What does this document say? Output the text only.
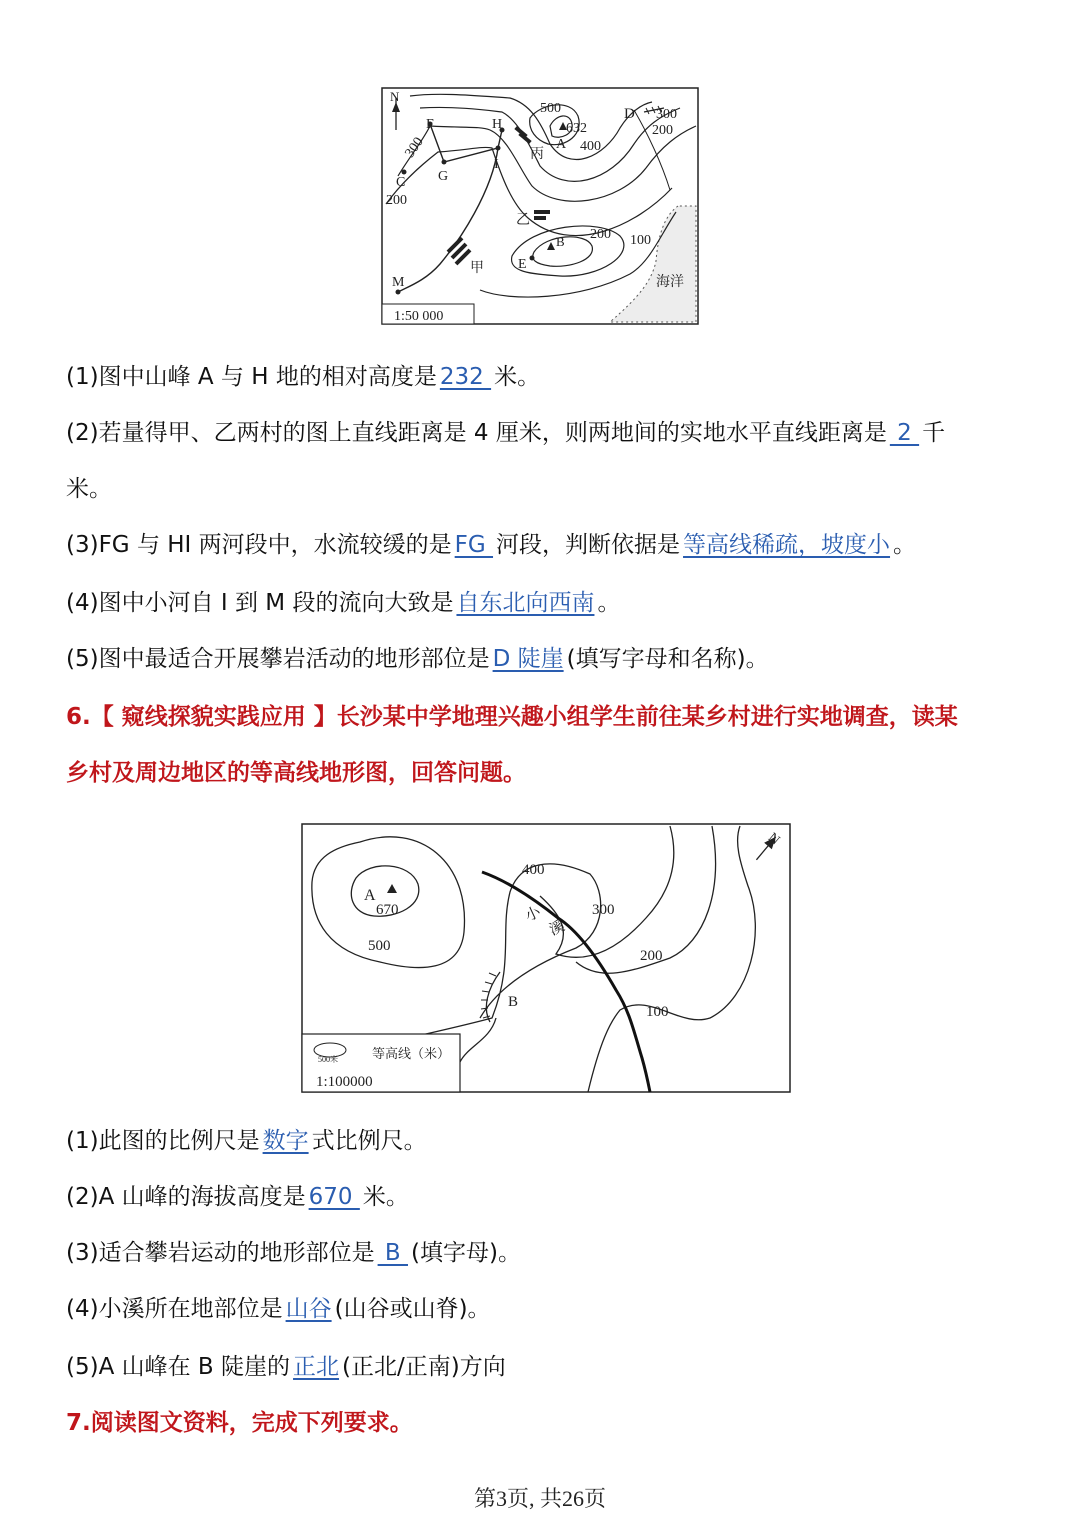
1:50 000
N
海洋
F	H
D
A
C G
I
B
E
M
632
500
400
300
300
200
200
200 100
丙
乙
甲
(1)图中山峰 A 与 H 地的相对高度是 232 米。
(2)若量得甲、乙两村的图上直线距离是 4 厘米，则两地间的实地水平直线距离是 2 千
米。
(3)FG 与 HI 两河段中，水流较缓的是 FG 河段，判断依据是 等高线稀疏，坡度小 。
(4)图中小河自 I 到 M 段的流向大致是 自东北向西南 。
(5)图中最适合开展攀岩活动的地形部位是 D 陡崖 (填写字母和名称)。
6.【 窥线探貌实践应用 】长沙某中学地理兴趣小组学生前往某乡村进行实地调查，读某
乡村及周边地区的等高线地形图，回答问题。
小
溪
B
A
670
400
300
500
200
100
N
500米	等高线（米）
1:100000
(1)此图的比例尺是 数字 式比例尺。
(2)A 山峰的海拔高度是 670 米。
(3)适合攀岩运动的地形部位是 B (填字母)。
(4)小溪所在地部位是 山谷 (山谷或山脊)。
(5)A 山峰在 B 陡崖的 正北 (正北/正南)方向
7.阅读图文资料，完成下列要求。
第3页, 共26页
